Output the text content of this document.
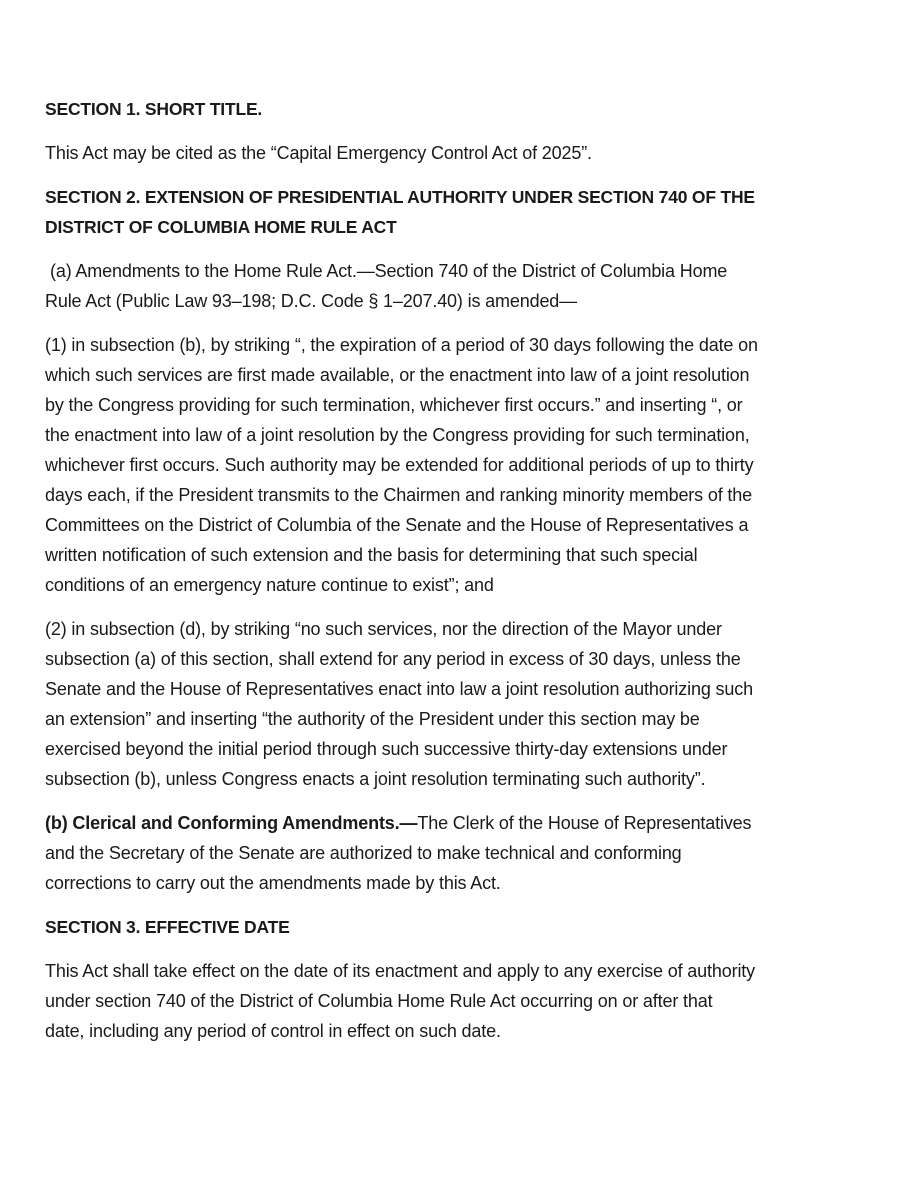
SECTION 1. SHORT TITLE.
This Act may be cited as the “Capital Emergency Control Act of 2025”.
SECTION 2. EXTENSION OF PRESIDENTIAL AUTHORITY UNDER SECTION 740 OF THE
DISTRICT OF COLUMBIA HOME RULE ACT
(a) Amendments to the Home Rule Act.—Section 740 of the District of Columbia Home
Rule Act (Public Law 93–198; D.C. Code § 1–207.40) is amended—
(1) in subsection (b), by striking “, the expiration of a period of 30 days following the date on
which such services are first made available, or the enactment into law of a joint resolution
by the Congress providing for such termination, whichever first occurs.” and inserting “, or
the enactment into law of a joint resolution by the Congress providing for such termination,
whichever first occurs. Such authority may be extended for additional periods of up to thirty
days each, if the President transmits to the Chairmen and ranking minority members of the
Committees on the District of Columbia of the Senate and the House of Representatives a
written notification of such extension and the basis for determining that such special
conditions of an emergency nature continue to exist”; and
(2) in subsection (d), by striking “no such services, nor the direction of the Mayor under
subsection (a) of this section, shall extend for any period in excess of 30 days, unless the
Senate and the House of Representatives enact into law a joint resolution authorizing such
an extension” and inserting “the authority of the President under this section may be
exercised beyond the initial period through such successive thirty-day extensions under
subsection (b), unless Congress enacts a joint resolution terminating such authority”.
(b) Clerical and Conforming Amendments.—The Clerk of the House of Representatives
and the Secretary of the Senate are authorized to make technical and conforming
corrections to carry out the amendments made by this Act.
SECTION 3. EFFECTIVE DATE
This Act shall take effect on the date of its enactment and apply to any exercise of authority
under section 740 of the District of Columbia Home Rule Act occurring on or after that
date, including any period of control in effect on such date.
